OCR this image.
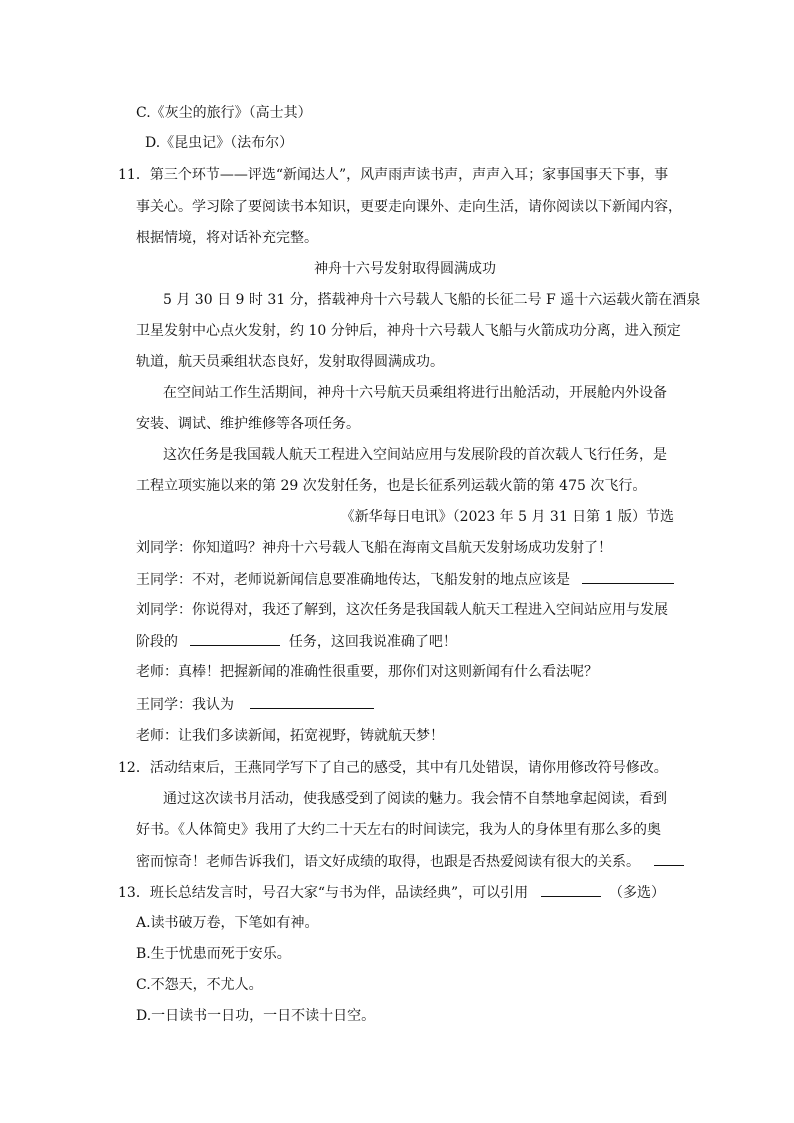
C.《灰尘的旅行》（高士其）
D.《昆虫记》（法布尔）
11．第三个环节——评选“新闻达人”，风声雨声读书声，声声入耳；家事国事天下事，事
事关心。学习除了要阅读书本知识，更要走向课外、走向生活，请你阅读以下新闻内容，
根据情境，将对话补充完整。
神舟十六号发射取得圆满成功
5 月 30 日 9 时 31 分，搭载神舟十六号载人飞船的长征二号 F 遥十六运载火箭在酒泉
卫星发射中心点火发射，约 10 分钟后，神舟十六号载人飞船与火箭成功分离，进入预定
轨道，航天员乘组状态良好，发射取得圆满成功。
在空间站工作生活期间，神舟十六号航天员乘组将进行出舱活动，开展舱内外设备
安装、调试、维护维修等各项任务。
这次任务是我国载人航天工程进入空间站应用与发展阶段的首次载人飞行任务，是
工程立项实施以来的第 29 次发射任务，也是长征系列运载火箭的第 475 次飞行。
《新华每日电讯》（2023 年 5 月 31 日第 1 版）节选
刘同学：你知道吗？神舟十六号载人飞船在海南文昌航天发射场成功发射了！
王同学：不对，老师说新闻信息要准确地传达，飞船发射的地点应该是
刘同学：你说得对，我还了解到，这次任务是我国载人航天工程进入空间站应用与发展
阶段的	任务，这回我说准确了吧！
老师：真棒！把握新闻的准确性很重要，那你们对这则新闻有什么看法呢？
王同学：我认为
老师：让我们多读新闻，拓宽视野，铸就航天梦！
12．活动结束后，王燕同学写下了自己的感受，其中有几处错误，请你用修改符号修改。
通过这次读书月活动，使我感受到了阅读的魅力。我会情不自禁地拿起阅读，看到
好书。《人体简史》我用了大约二十天左右的时间读完，我为人的身体里有那么多的奥
密而惊奇！老师告诉我们，语文好成绩的取得，也跟是否热爱阅读有很大的关系。
13．班长总结发言时，号召大家“与书为伴，品读经典”，可以引用	（多选）
A.读书破万卷，下笔如有神。
B.生于忧患而死于安乐。
C.不怨天，不尤人。
D.一日读书一日功，一日不读十日空。
